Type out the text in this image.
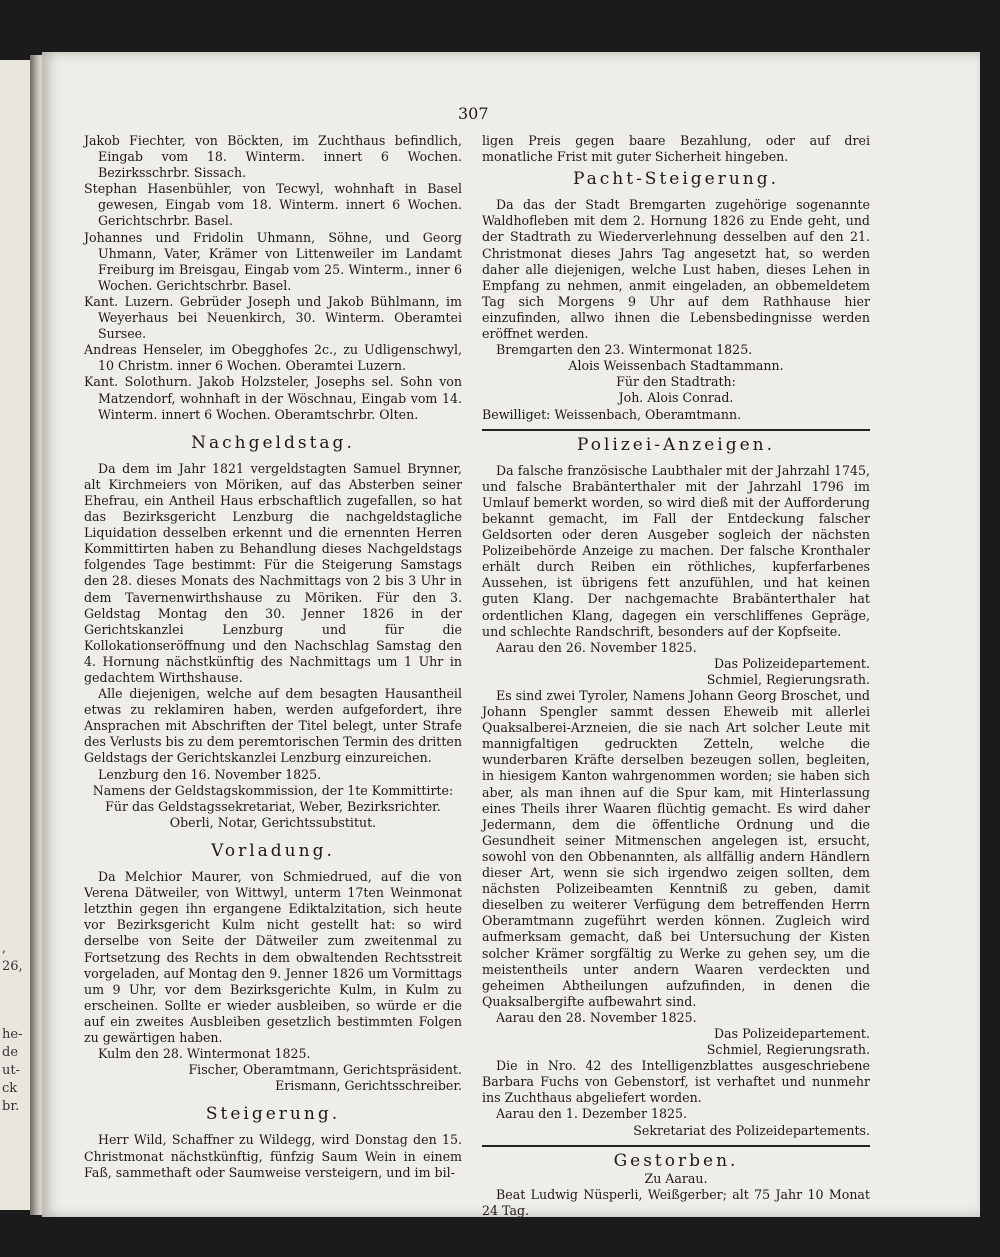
,
26,
he-
de
ut-
ck
br.
307

Jakob Fiechter, von Böckten, im Zuchthaus befindlich, Eingab vom 18. Winterm. innert 6 Wochen. Bezirksschrbr. Sissach.

Stephan Hasenbühler, von Tecwyl, wohnhaft in Basel gewesen, Eingab vom 18. Winterm. innert 6 Wochen. Gerichtschrbr. Basel.

Johannes und Fridolin Uhmann, Söhne, und Georg Uhmann, Vater, Krämer von Littenweiler im Landamt Freiburg im Breisgau, Eingab vom 25. Winterm., inner 6 Wochen. Gerichtschrbr. Basel.

Kant. Luzern. Gebrüder Joseph und Jakob Bühlmann, im Weyerhaus bei Neuenkirch, 30. Winterm. Oberamtei Sursee.

Andreas Henseler, im Obegghofes 2c., zu Udligenschwyl, 10 Christm. inner 6 Wochen. Oberamtei Luzern.

Kant. Solothurn. Jakob Holzsteler, Josephs sel. Sohn von Matzendorf, wohnhaft in der Wöschnau, Eingab vom 14. Winterm. innert 6 Wochen. Oberamtschrbr. Olten.

Nachgeldstag.

Da dem im Jahr 1821 vergeldstagten Samuel Brynner, alt Kirchmeiers von Möriken, auf das Absterben seiner Ehefrau, ein Antheil Haus erbschaftlich zugefallen, so hat das Bezirksgericht Lenzburg die nachgeldstagliche Liquidation desselben erkennt und die ernennten Herren Kommittirten haben zu Behandlung dieses Nachgeldstags folgendes Tage bestimmt: Für die Steigerung Samstags den 28. dieses Monats des Nachmittags von 2 bis 3 Uhr in dem Tavernenwirthshause zu Möriken. Für den 3. Geldstag Montag den 30. Jenner 1826 in der Gerichtskanzlei Lenzburg und für die Kollokationseröffnung und den Nachschlag Samstag den 4. Hornung nächstkünftig des Nachmittags um 1 Uhr in gedachtem Wirthshause.

Alle diejenigen, welche auf dem besagten Hausantheil etwas zu reklamiren haben, werden aufgefordert, ihre Ansprachen mit Abschriften der Titel belegt, unter Strafe des Verlusts bis zu dem peremtorischen Termin des dritten Geldstags der Gerichtskanzlei Lenzburg einzureichen.

Lenzburg den 16. November 1825.

Namens der Geldstagskommission, der 1te Kommittirte:

Für das Geldstagssekretariat, Weber, Bezirksrichter.

Oberli, Notar, Gerichtssubstitut.

Vorladung.

Da Melchior Maurer, von Schmiedrued, auf die von Verena Dätweiler, von Wittwyl, unterm 17ten Weinmonat letzthin gegen ihn ergangene Ediktalzitation, sich heute vor Bezirksgericht Kulm nicht gestellt hat: so wird derselbe von Seite der Dätweiler zum zweitenmal zu Fortsetzung des Rechts in dem obwaltenden Rechtsstreit vorgeladen, auf Montag den 9. Jenner 1826 um Vormittags um 9 Uhr, vor dem Bezirksgerichte Kulm, in Kulm zu erscheinen. Sollte er wieder ausbleiben, so würde er die auf ein zweites Ausbleiben gesetzlich bestimmten Folgen zu gewärtigen haben.

Kulm den 28. Wintermonat 1825.

Fischer, Oberamtmann, Gerichtspräsident.

Erismann, Gerichtsschreiber.

Steigerung.

Herr Wild, Schaffner zu Wildegg, wird Donstag den 15. Christmonat nächstkünftig, fünfzig Saum Wein in einem Faß, sammethaft oder Saumweise versteigern, und im bil-

ligen Preis gegen baare Bezahlung, oder auf drei monatliche Frist mit guter Sicherheit hingeben.

Pacht-Steigerung.

Da das der Stadt Bremgarten zugehörige sogenannte Waldhofleben mit dem 2. Hornung 1826 zu Ende geht, und der Stadtrath zu Wiederverlehnung desselben auf den 21. Christmonat dieses Jahrs Tag angesetzt hat, so werden daher alle diejenigen, welche Lust haben, dieses Lehen in Empfang zu nehmen, anmit eingeladen, an obbemeldetem Tag sich Morgens 9 Uhr auf dem Rathhause hier einzufinden, allwo ihnen die Lebensbedingnisse werden eröffnet werden.

Bremgarten den 23. Wintermonat 1825.

Alois Weissenbach Stadtammann.

Für den Stadtrath:

Joh. Alois Conrad.

Bewilliget: Weissenbach, Oberamtmann.

Polizei-Anzeigen.

Da falsche französische Laubthaler mit der Jahrzahl 1745, und falsche Brabänterthaler mit der Jahrzahl 1796 im Umlauf bemerkt worden, so wird dieß mit der Aufforderung bekannt gemacht, im Fall der Entdeckung falscher Geldsorten oder deren Ausgeber sogleich der nächsten Polizeibehörde Anzeige zu machen. Der falsche Kronthaler erhält durch Reiben ein röthliches, kupferfarbenes Aussehen, ist übrigens fett anzufühlen, und hat keinen guten Klang. Der nachgemachte Brabänterthaler hat ordentlichen Klang, dagegen ein verschliffenes Gepräge, und schlechte Randschrift, besonders auf der Kopfseite.

Aarau den 26. November 1825.

Das Polizeidepartement.

Schmiel, Regierungsrath.

Es sind zwei Tyroler, Namens Johann Georg Broschet, und Johann Spengler sammt dessen Eheweib mit allerlei Quaksalberei-Arzneien, die sie nach Art solcher Leute mit mannigfaltigen gedruckten Zetteln, welche die wunderbaren Kräfte derselben bezeugen sollen, begleiten, in hiesigem Kanton wahrgenommen worden; sie haben sich aber, als man ihnen auf die Spur kam, mit Hinterlassung eines Theils ihrer Waaren flüchtig gemacht. Es wird daher Jedermann, dem die öffentliche Ordnung und die Gesundheit seiner Mitmenschen angelegen ist, ersucht, sowohl von den Obbenannten, als allfällig andern Händlern dieser Art, wenn sie sich irgendwo zeigen sollten, dem nächsten Polizeibeamten Kenntniß zu geben, damit dieselben zu weiterer Verfügung dem betreffenden Herrn Oberamtmann zugeführt werden können. Zugleich wird aufmerksam gemacht, daß bei Untersuchung der Kisten solcher Krämer sorgfältig zu Werke zu gehen sey, um die meistentheils unter andern Waaren verdeckten und geheimen Abtheilungen aufzufinden, in denen die Quaksalbergifte aufbewahrt sind.

Aarau den 28. November 1825.

Das Polizeidepartement.

Schmiel, Regierungsrath.

Die in Nro. 42 des Intelligenzblattes ausgeschriebene Barbara Fuchs von Gebenstorf, ist verhaftet und nunmehr ins Zuchthaus abgeliefert worden.

Aarau den 1. Dezember 1825.

Sekretariat des Polizeidepartements.

Gestorben.

Zu Aarau.

Beat Ludwig Nüsperli, Weißgerber; alt 75 Jahr 10 Monat 24 Tag.
